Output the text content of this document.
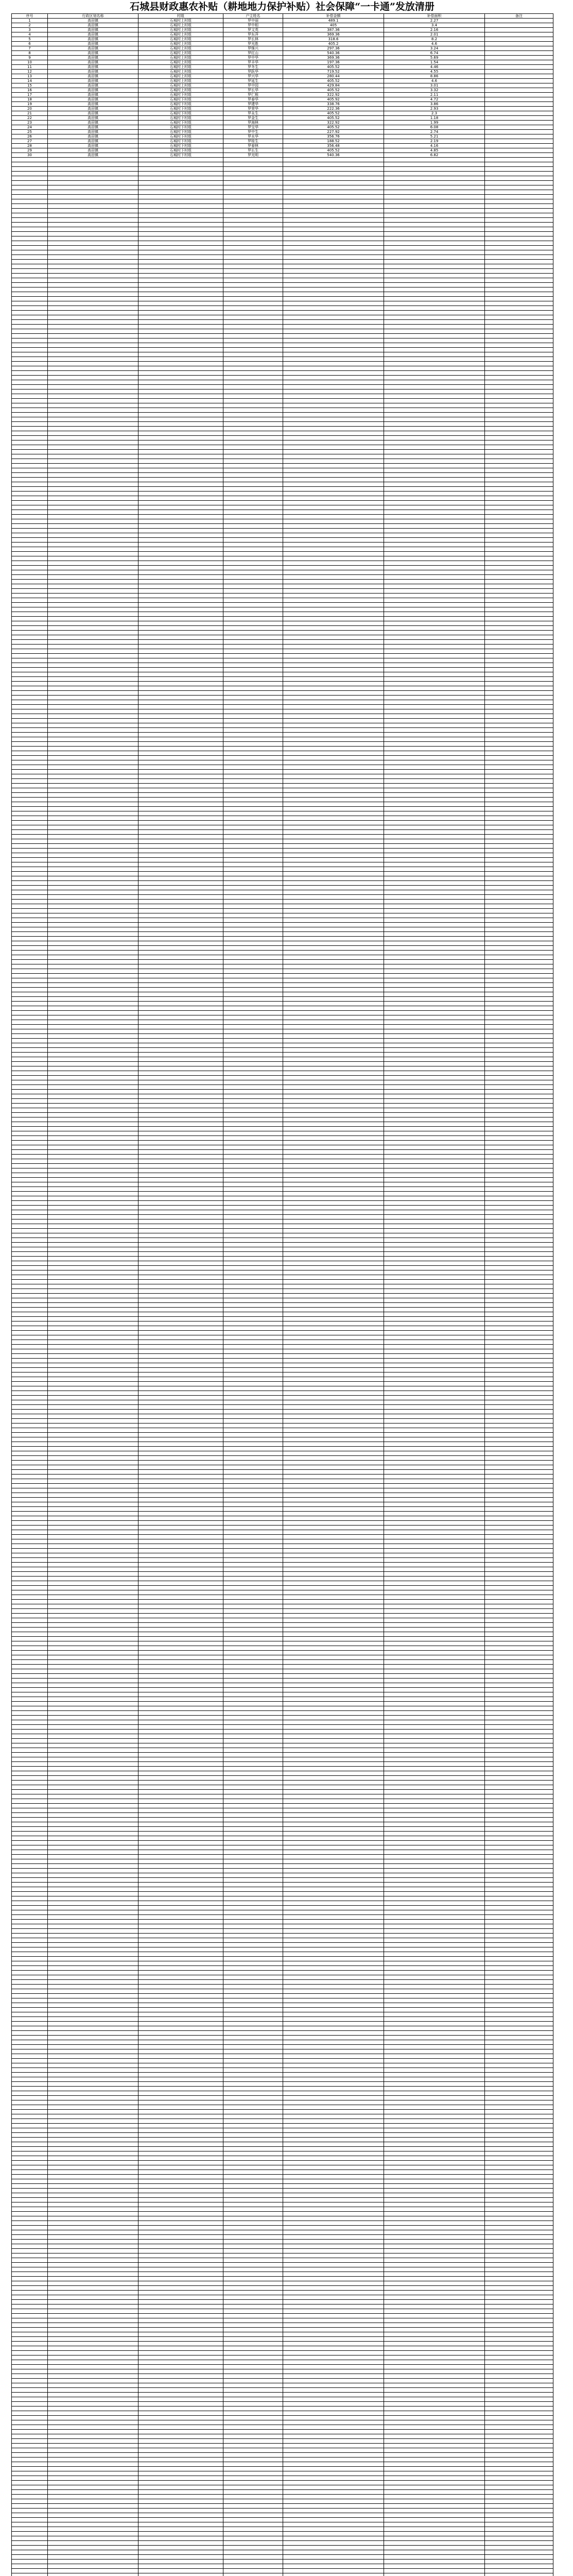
石城县财政惠农补贴（耕地地力保护补贴）社会保障“一卡通”发放清册
序号	行政区划名称	村组	户主姓名	补偿金额	补偿面积	备注
1	高田镇	石城村上村组	罗中丽	489.1	2.27	
2	高田镇	石城村上村组	罗中相	405	3.4	
3	高田镇	石城村上村组	罗文英	387.36	2.16	
4	高田镇	石城村上村组	罗东萍	369.36	2.01	
5	高田镇	石城村上村组	罗长林	318.6	8.2	
6	高田镇	石城村上村组	罗光胜	405.2	4.6	
7	高田镇	石城村上村组	罗继兴	297.36	3.24	
8	高田镇	石城村上村组	罗红山	540.36	6.74	
9	高田镇	石城村上村组	罗中华	369.36	5.69	
10	高田镇	石城村上村组	罗丰华	197.36	1.54	
11	高田镇	石城村上村组	罗冬生	405.52	4.46	
12	高田镇	石城村上村组	罗跃华	719.52	4.55	
13	高田镇	石城村上村组	罗兴华	280.44	8.86	
14	高田镇	石城村上村组	罗延生	405.52	4.6	
15	高田镇	石城村上村组	罗中园	429.84	3.01	
16	高田镇	石城村上村组	罗长华	405.52	3.32	
17	高田镇	石城村下村组	罗仁根	322.92	2.11	
18	高田镇	石城村下村组	罗春华	405.92	4.72	
19	高田镇	石城村下村组	罗建华	338.76	3.86	
20	高田镇	石城村下村组	罗荣华	222.36	2.93	
21	高田镇	石城村下村组	罗永生	405.52	2.3	
22	高田镇	石城村下村组	罗金生	405.52	1.18	
23	高田镇	石城村下村组	罗海林	322.92	1.99	
24	高田镇	石城村下村组	罗宝华	405.52	6.08	
25	高田镇	石城村下村组	罗中生	227.92	2.74	
26	高田镇	石城村下村组	罗水华	356.76	5.21	
27	高田镇	石城村下村组	罗桂生	188.52	2.19	
28	高田镇	石城村下村组	罗春林	356.48	4.16	
29	高田镇	石城村下村组	罗长生	405.52	4.85	
30	高田镇	石城村下村组	罗光明	540.36	6.82	
